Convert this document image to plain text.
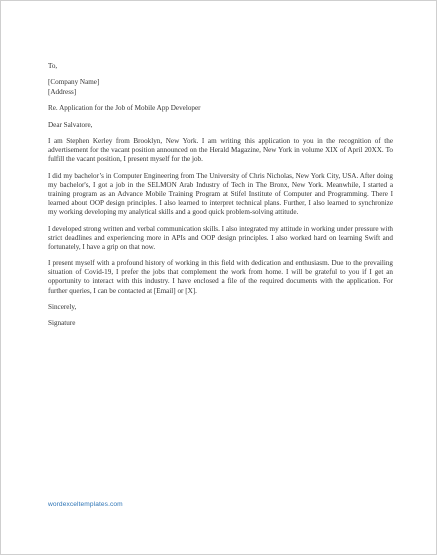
To,

[Company Name]

[Address]

Re. Application for the Job of Mobile App Developer

Dear Salvatore,

I am Stephen Kerley from Brooklyn, New York. I am writing this application to you in the recognition of the advertisement for the vacant position announced on the Herald Magazine, New York in volume XIX of April 20XX. To fulfill the vacant position, I present myself for the job.

I did my bachelor’s in Computer Engineering from The University of Chris Nicholas, New York City, USA. After doing my bachelor's, I got a job in the SELMON Arab Industry of Tech in The Bronx, New York. Meanwhile, I started a training program as an Advance Mobile Training Program at Stifel Institute of Computer and Programming. There I learned about OOP design principles. I also learned to interpret technical plans. Further, I also learned to synchronize my working developing my analytical skills and a good quick problem-solving attitude.

I developed strong written and verbal communication skills. I also integrated my attitude in working under pressure with strict deadlines and experiencing more in APIs and OOP design principles. I also worked hard on learning Swift and fortunately, I have a grip on that now.

I present myself with a profound history of working in this field with dedication and enthusiasm. Due to the prevailing situation of Covid-19, I prefer the jobs that complement the work from home. I will be grateful to you if I get an opportunity to interact with this industry. I have enclosed a file of the required documents with the application. For further queries, I can be contacted at [Email] or [X].

Sincerely,

Signature

wordexceltemplates.com
